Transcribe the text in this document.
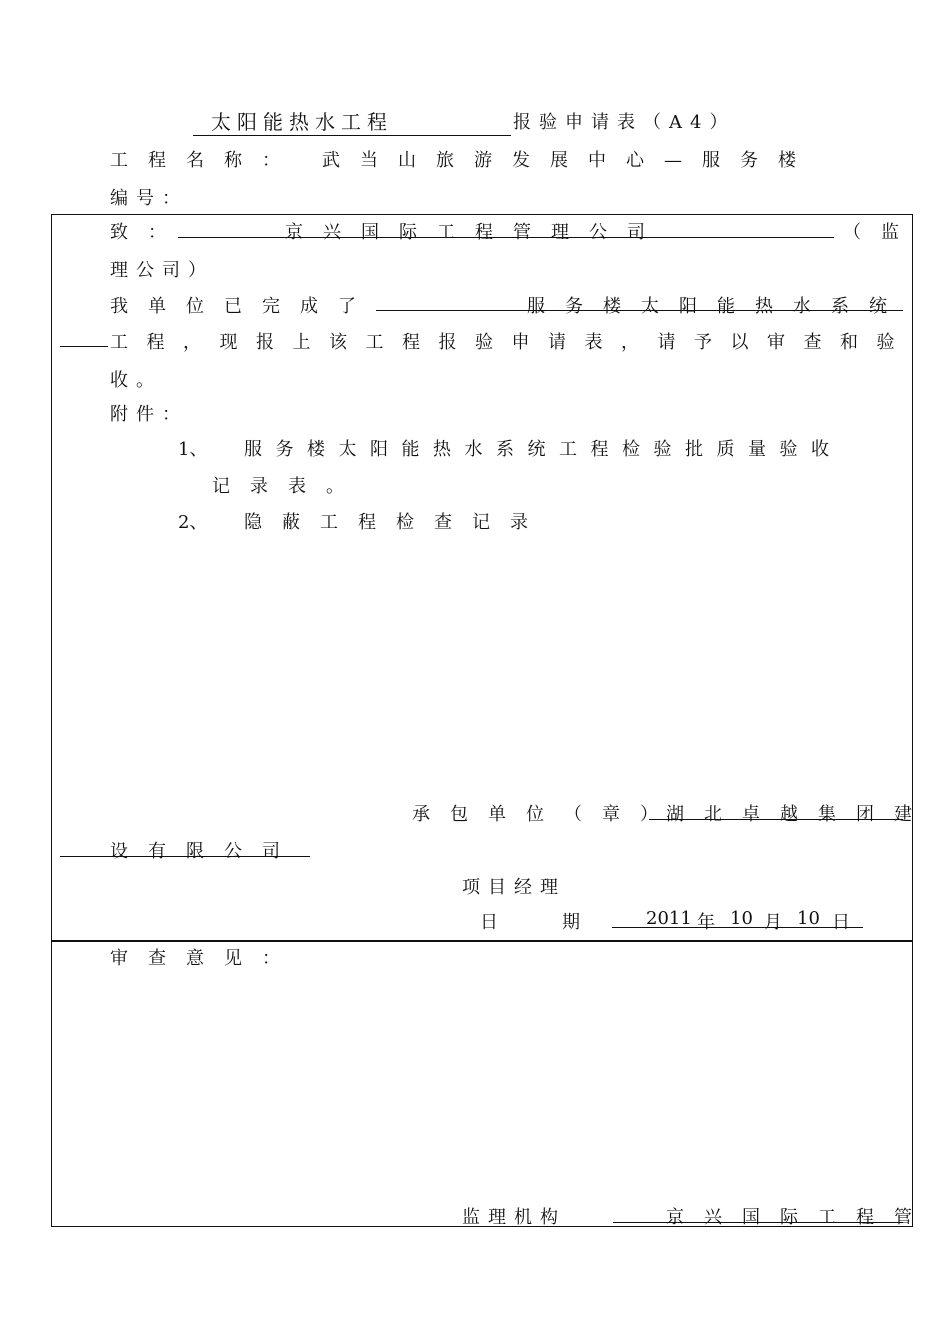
太阳能热水工程	报验申请表（A4）
工程名称： 武当山旅游发展中心—服务楼
编号：
致：	京兴国际工程管理公司	（监
理公司）
我单位已完成了	服务楼太阳能热水系统
工程，现报上该工程报验申请表，请予以审查和验
收。
附件：
1、 服务楼太阳能热水系统工程检验批质量验收
记录表。
2、 隐蔽工程检查记录
承包单位（章）
湖北卓越集团建
设有限公司
项目经理
日	期	2011 年 10 月 10 日
审查意见：
监理机构	京兴国际工程管
